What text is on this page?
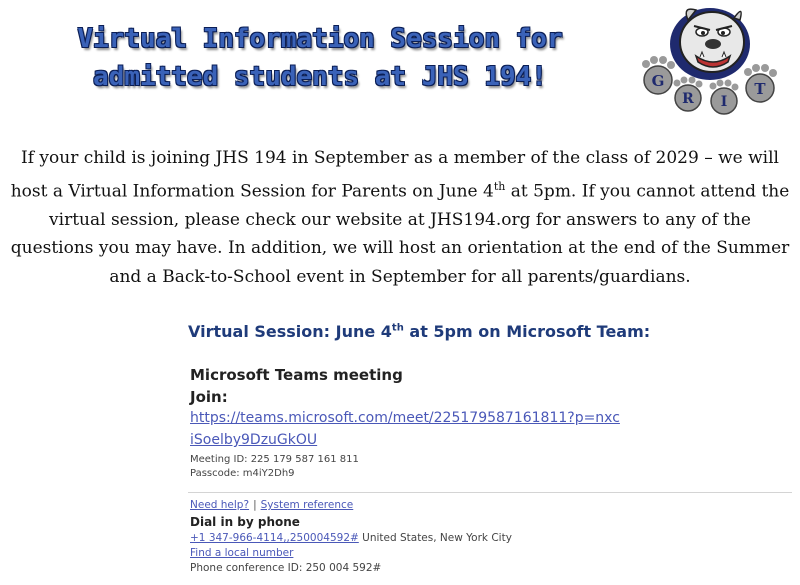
Virtual Information Session for
admitted students at JHS 194!	G
R I
T

If your child is joining JHS 194 in September as a member of the class of 2029 – we will host a Virtual Information Session for Parents on June 4th at 5pm. If you cannot attend the virtual session, please check our website at JHS194.org for answers to any of the questions you may have. In addition, we will host an orientation at the end of the Summer and a Back-to-School event in September for all parents/guardians.

Virtual Session: June 4th at 5pm on Microsoft Team:
Microsoft Teams meeting
Join:
https://teams.microsoft.com/meet/225179587161811?p=nxc
iSoelby9DzuGkOU
Meeting ID: 225 179 587 161 811
Passcode: m4iY2Dh9
Need help? | System reference
Dial in by phone
+1 347-966-4114,,250004592# United States, New York City
Find a local number
Phone conference ID: 250 004 592#
